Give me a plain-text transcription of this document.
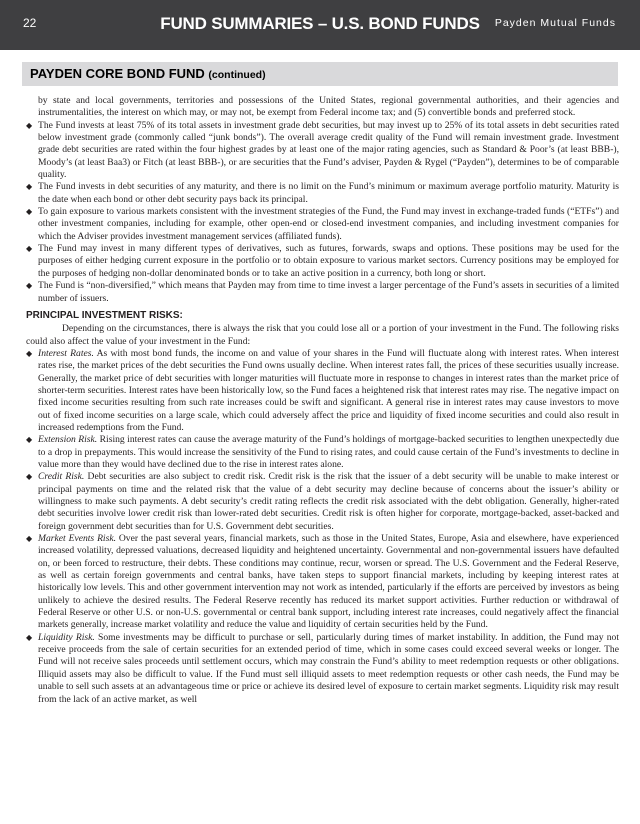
22	FUND SUMMARIES – U.S. BOND FUNDS	Payden Mutual Funds
PAYDEN CORE BOND FUND (continued)

by state and local governments, territories and possessions of the United States, regional governmental authorities, and their agencies and instrumentalities, the interest on which may, or may not, be exempt from Federal income tax; and (5) convertible bonds and preferred stock.

◆ The Fund invests at least 75% of its total assets in investment grade debt securities, but may invest up to 25% of its total assets in debt securities rated below investment grade (commonly called “junk bonds”). The overall average credit quality of the Fund will remain investment grade. Investment grade debt securities are rated within the four highest grades by at least one of the major rating agencies, such as Standard & Poor’s (at least BBB-), Moody’s (at least Baa3) or Fitch (at least BBB-), or are securities that the Fund’s adviser, Payden & Rygel (“Payden”), determines to be of comparable quality.
◆ The Fund invests in debt securities of any maturity, and there is no limit on the Fund’s minimum or maximum average portfolio maturity. Maturity is the date when each bond or other debt security pays back its principal.
◆ To gain exposure to various markets consistent with the investment strategies of the Fund, the Fund may invest in exchange-traded funds (“ETFs”) and other investment companies, including for example, other open-end or closed-end investment companies, and including investment companies for which the Adviser provides investment management services (affiliated funds).
◆ The Fund may invest in many different types of derivatives, such as futures, forwards, swaps and options. These positions may be used for the purposes of either hedging current exposure in the portfolio or to obtain exposure to various market sectors. Currency positions may be employed for the purposes of hedging non-dollar denominated bonds or to take an active position in a currency, both long or short.
◆ The Fund is “non-diversified,” which means that Payden may from time to time invest a larger percentage of the Fund’s assets in securities of a limited number of issuers.
PRINCIPAL INVESTMENT RISKS:

Depending on the circumstances, there is always the risk that you could lose all or a portion of your investment in the Fund. The following risks could also affect the value of your investment in the Fund:

◆ Interest Rates. As with most bond funds, the income on and value of your shares in the Fund will fluctuate along with interest rates. When interest rates rise, the market prices of the debt securities the Fund owns usually decline. When interest rates fall, the prices of these securities usually increase. Generally, the market price of debt securities with longer maturities will fluctuate more in response to changes in interest rates than the market price of shorter-term securities. Interest rates have been historically low, so the Fund faces a heightened risk that interest rates may rise. The negative impact on fixed income securities resulting from such rate increases could be swift and significant. A general rise in interest rates may cause investors to move out of fixed income securities on a large scale, which could adversely affect the price and liquidity of fixed income securities and could also result in increased redemptions from the Fund.
◆ Extension Risk. Rising interest rates can cause the average maturity of the Fund’s holdings of mortgage-backed securities to lengthen unexpectedly due to a drop in prepayments. This would increase the sensitivity of the Fund to rising rates, and could cause certain of the Fund’s investments to decline in value more than they would have declined due to the rise in interest rates alone.
◆ Credit Risk. Debt securities are also subject to credit risk. Credit risk is the risk that the issuer of a debt security will be unable to make interest or principal payments on time and the related risk that the value of a debt security may decline because of concerns about the issuer’s ability or willingness to make such payments. A debt security’s credit rating reflects the credit risk associated with the debt obligation. Generally, higher-rated debt securities involve lower credit risk than lower-rated debt securities. Credit risk is often higher for corporate, mortgage-backed, asset-backed and foreign government debt securities than for U.S. Government debt securities.
◆ Market Events Risk. Over the past several years, financial markets, such as those in the United States, Europe, Asia and elsewhere, have experienced increased volatility, depressed valuations, decreased liquidity and heightened uncertainty. Governmental and non-governmental issuers have defaulted on, or been forced to restructure, their debts. These conditions may continue, recur, worsen or spread. The U.S. Government and the Federal Reserve, as well as certain foreign governments and central banks, have taken steps to support financial markets, including by keeping interest rates at historically low levels. This and other government intervention may not work as intended, particularly if the efforts are perceived by investors as being unlikely to achieve the desired results. The Federal Reserve recently has reduced its market support activities. Further reduction or withdrawal of Federal Reserve or other U.S. or non-U.S. governmental or central bank support, including interest rate increases, could negatively affect the financial markets generally, increase market volatility and reduce the value and liquidity of certain securities held by the Fund.
◆ Liquidity Risk. Some investments may be difficult to purchase or sell, particularly during times of market instability. In addition, the Fund may not receive proceeds from the sale of certain securities for an extended period of time, which in some cases could exceed several weeks or longer. The Fund will not receive sales proceeds until settlement occurs, which may constrain the Fund’s ability to meet redemption requests or other obligations. Illiquid assets may also be difficult to value. If the Fund must sell illiquid assets to meet redemption requests or other cash needs, the Fund may be unable to sell such assets at an advantageous time or price or achieve its desired level of exposure to certain market segments. Liquidity risk may result from the lack of an active market, as well
